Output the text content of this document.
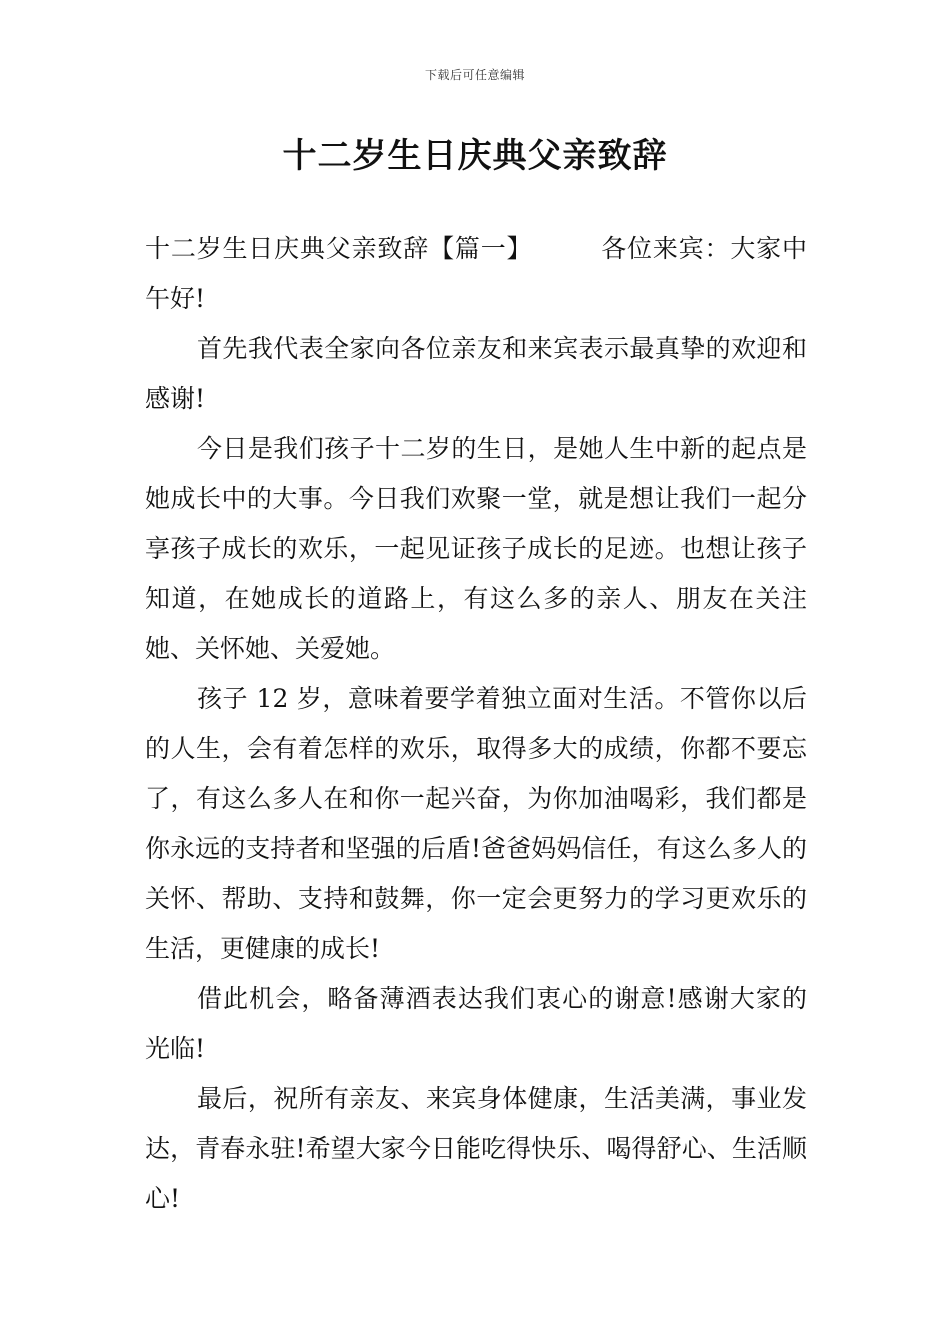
下载后可任意编辑
十二岁生日庆典父亲致辞

十二岁生日庆典父亲致辞【篇一】	各位来宾：大家中午好!

首先我代表全家向各位亲友和来宾表示最真挚的欢迎和感谢!

今日是我们孩子十二岁的生日，是她人生中新的起点是她成长中的大事。今日我们欢聚一堂，就是想让我们一起分享孩子成长的欢乐，一起见证孩子成长的足迹。也想让孩子知道，在她成长的道路上，有这么多的亲人、朋友在关注她、关怀她、关爱她。

孩子 12 岁，意味着要学着独立面对生活。不管你以后的人生，会有着怎样的欢乐，取得多大的成绩，你都不要忘了，有这么多人在和你一起兴奋，为你加油喝彩，我们都是你永远的支持者和坚强的后盾!爸爸妈妈信任，有这么多人的关怀、帮助、支持和鼓舞，你一定会更努力的学习更欢乐的生活，更健康的成长!

借此机会，略备薄酒表达我们衷心的谢意!感谢大家的光临!

最后，祝所有亲友、来宾身体健康，生活美满，事业发达，青春永驻!希望大家今日能吃得快乐、喝得舒心、生活顺心!
